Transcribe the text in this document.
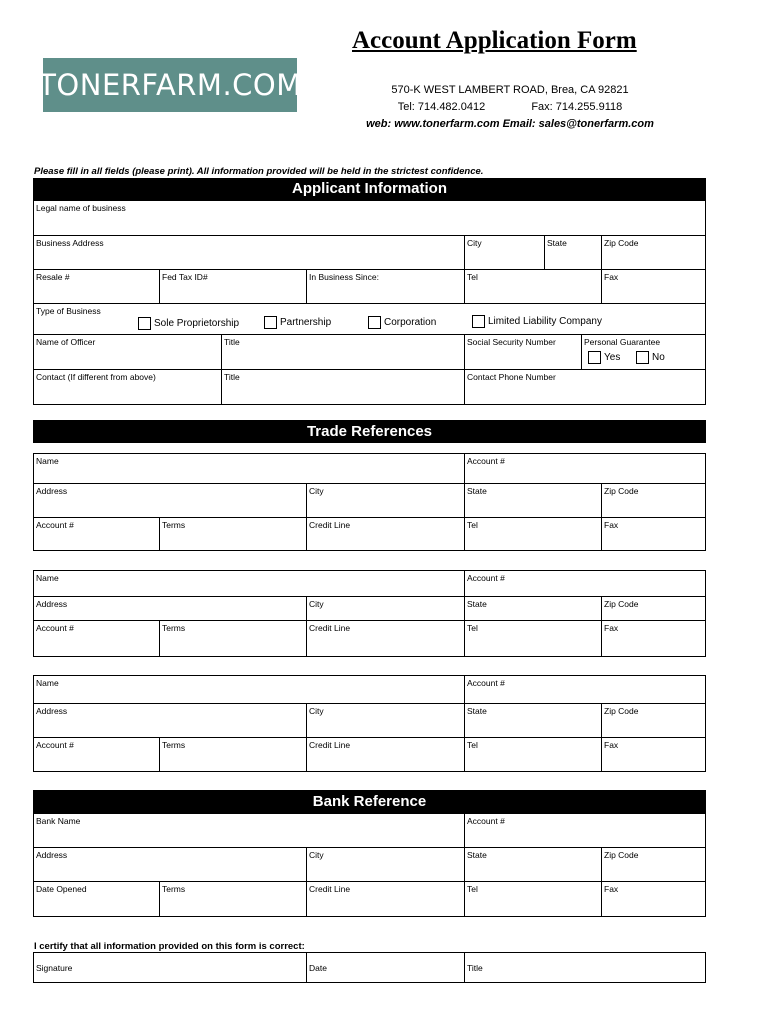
TONERFARM.COM
Account Application Form
570-K WEST LAMBERT ROAD, Brea, CA 92821
Tel: 714.482.0412	Fax: 714.255.9118
web: www.tonerfarm.com Email: sales@tonerfarm.com
Please fill in all fields (please print). All information provided will be held in the strictest confidence.
Applicant Information
Legal name of business
Business Address	City	State	Zip Code
Resale #	Fed Tax ID#	In Business Since:	Tel	Fax
Type of Business
Sole Proprietorship	Partnership	Corporation	Limited Liability Company
Name of Officer	Title	Social Security Number	Personal Guarantee
Yes	No
Contact (If different from above)	Title	Contact Phone Number
Trade References
Name	Account #
Address	City	State	Zip Code
Account #	Terms	Credit Line	Tel	Fax
Name	Account #
Address	City	State	Zip Code
Account #	Terms	Credit Line	Tel	Fax
Name	Account #
Address	City	State	Zip Code
Account #	Terms	Credit Line	Tel	Fax
Bank Reference
Bank Name	Account #
Address	City	State	Zip Code
Date Opened	Terms	Credit Line	Tel	Fax
I certify that all information provided on this form is correct:
Signature	Date	Title
